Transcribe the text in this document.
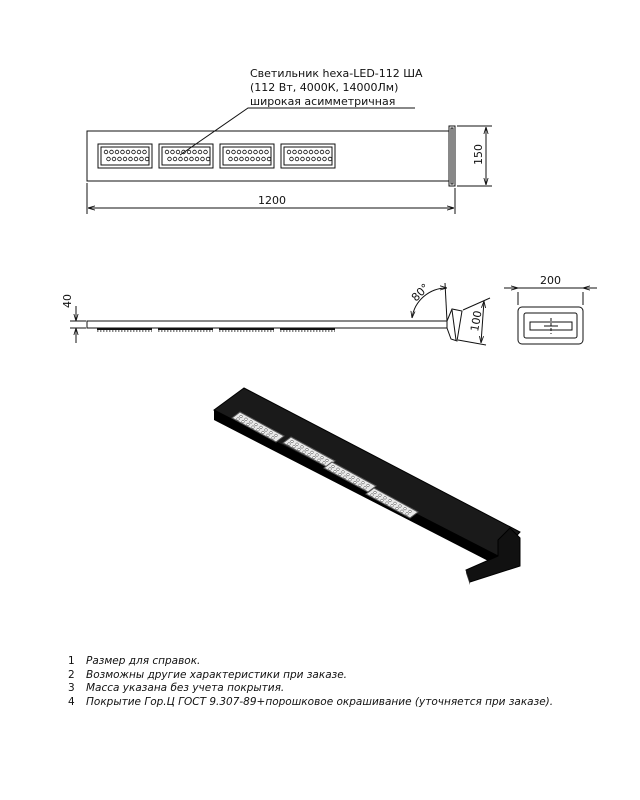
Светильник hexa-LED-112 ША
(112 Вт, 4000К, 14000Лм)
широкая асимметричная
1200
150
40	80°
100
200
1	Размер для справок.
2	Возможны другие характеристики при заказе.
3	Масса указана без учета покрытия.
4	Покрытие Гор.Ц ГОСТ 9.307-89+порошковое окрашивание (уточняется при заказе).
